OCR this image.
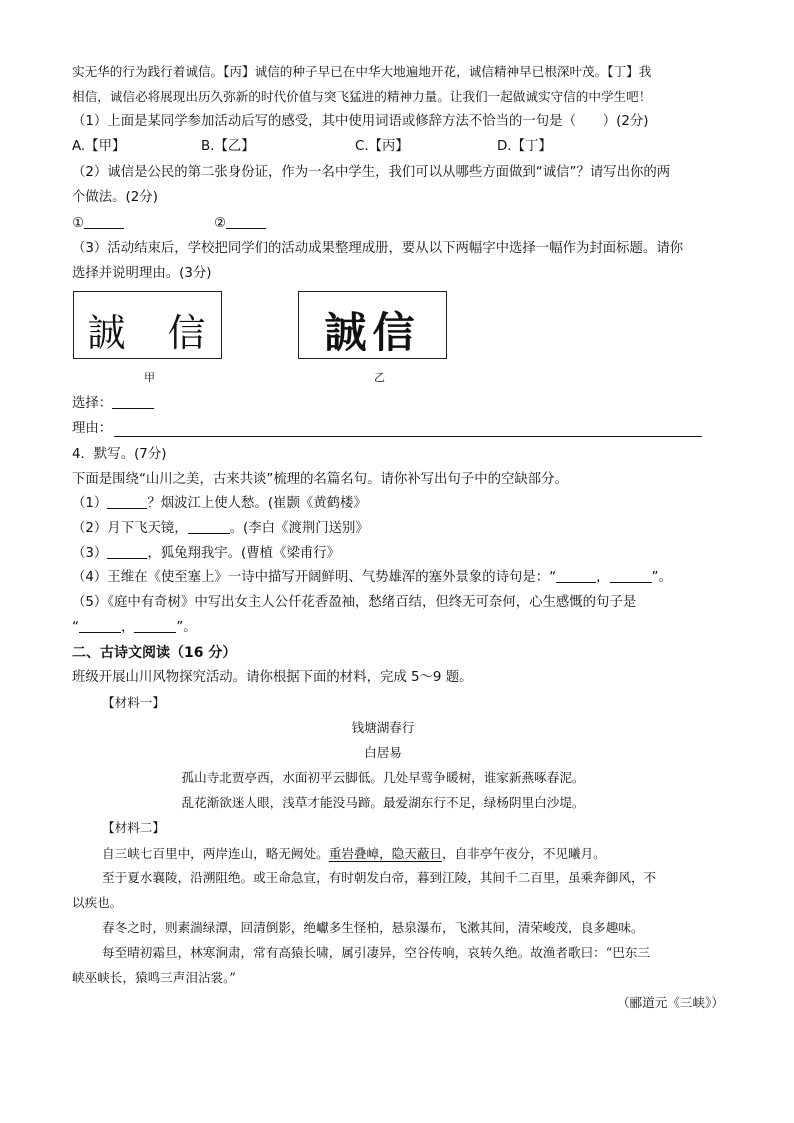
实无华的行为践行着诚信。【丙】诚信的种子早已在中华大地遍地开花，诚信精神早已根深叶茂。【丁】我
相信，诚信必将展现出历久弥新的时代价值与突飞猛进的精神力量。让我们一起做诚实守信的中学生吧！
（1）上面是某同学参加活动后写的感受，其中使用词语或修辞方法不恰当的一句是（　　）(2分)
A.【甲】	B.【乙】	C.【丙】	D.【丁】
（2）诚信是公民的第二张身份证，作为一名中学生，我们可以从哪些方面做到“诚信”？请写出你的两
个做法。(2分)
①	②
（3）活动结束后，学校把同学们的活动成果整理成册，要从以下两幅字中选择一幅作为封面标题。请你
选择并说明理由。(3分)
誠　信	誠信
甲	乙
选择：
理由：
4．默写。(7分)
下面是围绕“山川之美，古来共谈”梳理的名篇名句。请你补写出句子中的空缺部分。
（1）	？烟波江上使人愁。(崔颢《黄鹤楼》
（2）月下飞天镜，	。(李白《渡荆门送别》
（3）	，狐兔翔我宇。(曹植《梁甫行》
（4）王维在《使至塞上》一诗中描写开阔鲜明、气势雄浑的塞外景象的诗句是：“	，	”。
（5）《庭中有奇树》中写出女主人公仟花香盈袖，愁绪百结，但终无可奈何，心生感慨的句子是
“	，	”。
二、古诗文阅读（16 分）
班级开展山川风物探究活动。请你根据下面的材料，完成 5～9 题。
【材料一】
钱塘湖春行
白居易
孤山寺北贾亭西，水面初平云脚低。几处早莺争暖树，谁家新燕啄春泥。
乱花渐欲迷人眼，浅草才能没马蹄。最爱湖东行不足，绿杨阴里白沙堤。
【材料二】
自三峡七百里中，两岸连山，略无阙处。重岩叠嶂，隐天蔽日，自非亭午夜分，不见曦月。
至于夏水襄陵，沿溯阻绝。或王命急宣，有时朝发白帝，暮到江陵，其间千二百里，虽乘奔御风，不
以疾也。
春冬之时，则素湍绿潭，回清倒影，绝巘多生怪柏，悬泉瀑布，飞漱其间，清荣峻茂，良多趣味。
每至晴初霜旦，林寒涧肃，常有高猿长啸，属引凄异，空谷传响，哀转久绝。故渔者歌曰：“巴东三
峡巫峡长，猿鸣三声泪沾裳。”
（郦道元《三峡》）
